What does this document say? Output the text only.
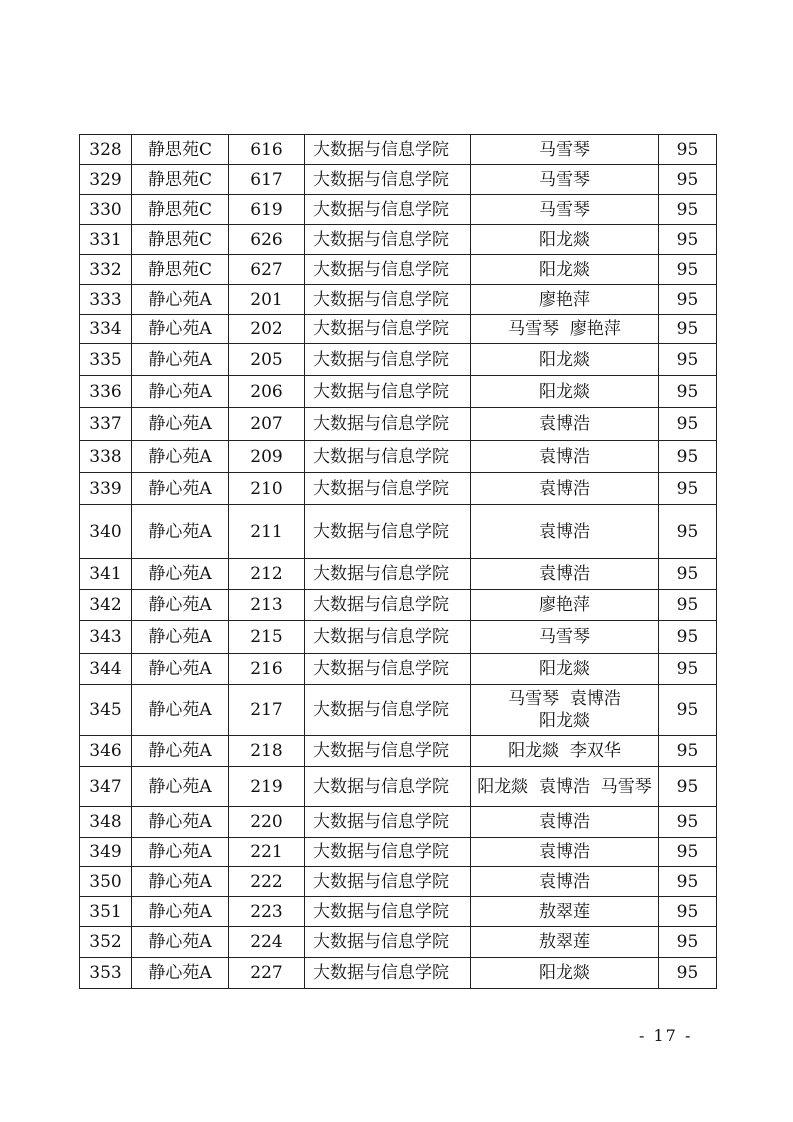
328	静思苑C	616	大数据与信息学院	马雪琴	95
329	静思苑C	617	大数据与信息学院	马雪琴	95
330	静思苑C	619	大数据与信息学院	马雪琴	95
331	静思苑C	626	大数据与信息学院	阳龙燚	95
332	静思苑C	627	大数据与信息学院	阳龙燚	95
333	静心苑A	201	大数据与信息学院	廖艳萍	95
334	静心苑A	202	大数据与信息学院	马雪琴  廖艳萍	95
335	静心苑A	205	大数据与信息学院	阳龙燚	95
336	静心苑A	206	大数据与信息学院	阳龙燚	95
337	静心苑A	207	大数据与信息学院	袁博浩	95
338	静心苑A	209	大数据与信息学院	袁博浩	95
339	静心苑A	210	大数据与信息学院	袁博浩	95
340	静心苑A	211	大数据与信息学院	袁博浩	95
341	静心苑A	212	大数据与信息学院	袁博浩	95
342	静心苑A	213	大数据与信息学院	廖艳萍	95
343	静心苑A	215	大数据与信息学院	马雪琴	95
344	静心苑A	216	大数据与信息学院	阳龙燚	95
345	静心苑A	217	大数据与信息学院	马雪琴  袁博浩
阳龙燚	95
346	静心苑A	218	大数据与信息学院	阳龙燚  李双华	95
347	静心苑A	219	大数据与信息学院	阳龙燚  袁博浩  马雪琴	95
348	静心苑A	220	大数据与信息学院	袁博浩	95
349	静心苑A	221	大数据与信息学院	袁博浩	95
350	静心苑A	222	大数据与信息学院	袁博浩	95
351	静心苑A	223	大数据与信息学院	敖翠莲	95
352	静心苑A	224	大数据与信息学院	敖翠莲	95
353	静心苑A	227	大数据与信息学院	阳龙燚	95
- 17 -
